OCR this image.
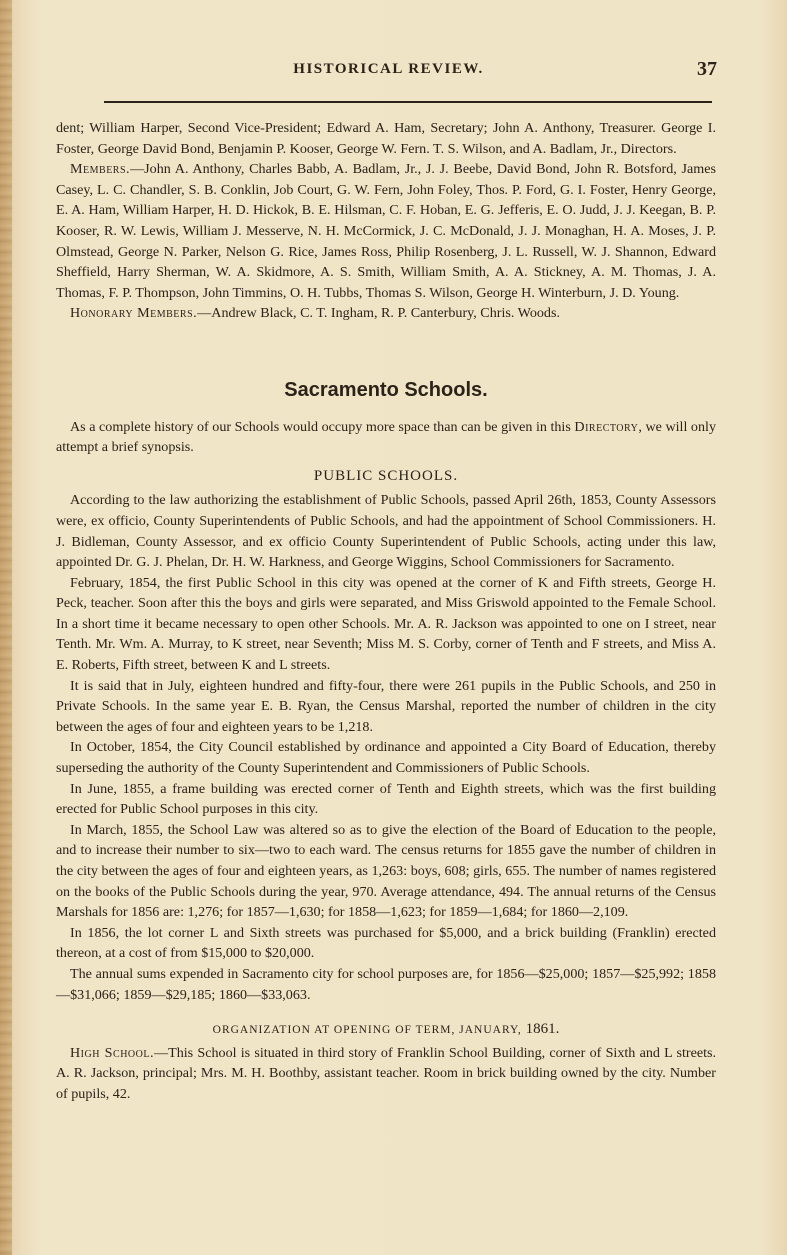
HISTORICAL REVIEW.	37

dent; William Harper, Second Vice-President; Edward A. Ham, Secretary; John A. Anthony, Treasurer. George I. Foster, George David Bond, Benjamin P. Kooser, George W. Fern. T. S. Wilson, and A. Badlam, Jr., Directors.

Members.—John A. Anthony, Charles Babb, A. Badlam, Jr., J. J. Beebe, David Bond, John R. Botsford, James Casey, L. C. Chandler, S. B. Conklin, Job Court, G. W. Fern, John Foley, Thos. P. Ford, G. I. Foster, Henry George, E. A. Ham, William Harper, H. D. Hickok, B. E. Hilsman, C. F. Hoban, E. G. Jefferis, E. O. Judd, J. J. Keegan, B. P. Kooser, R. W. Lewis, William J. Messerve, N. H. McCormick, J. C. McDonald, J. J. Monaghan, H. A. Moses, J. P. Olmstead, George N. Parker, Nelson G. Rice, James Ross, Philip Rosenberg, J. L. Russell, W. J. Shannon, Edward Sheffield, Harry Sherman, W. A. Skidmore, A. S. Smith, William Smith, A. A. Stickney, A. M. Thomas, J. A. Thomas, F. P. Thompson, John Timmins, O. H. Tubbs, Thomas S. Wilson, George H. Winterburn, J. D. Young.

Honorary Members.—Andrew Black, C. T. Ingham, R. P. Canterbury, Chris. Woods.

Sacramento Schools.

As a complete history of our Schools would occupy more space than can be given in this Directory, we will only attempt a brief synopsis.

PUBLIC SCHOOLS.

According to the law authorizing the establishment of Public Schools, passed April 26th, 1853, County Assessors were, ex officio, County Superintendents of Public Schools, and had the appointment of School Commissioners. H. J. Bidleman, County Assessor, and ex officio County Superintendent of Public Schools, acting under this law, appointed Dr. G. J. Phelan, Dr. H. W. Harkness, and George Wiggins, School Commissioners for Sacramento.

February, 1854, the first Public School in this city was opened at the corner of K and Fifth streets, George H. Peck, teacher. Soon after this the boys and girls were separated, and Miss Griswold appointed to the Female School. In a short time it became necessary to open other Schools. Mr. A. R. Jackson was appointed to one on I street, near Tenth. Mr. Wm. A. Murray, to K street, near Seventh; Miss M. S. Corby, corner of Tenth and F streets, and Miss A. E. Roberts, Fifth street, between K and L streets.

It is said that in July, eighteen hundred and fifty-four, there were 261 pupils in the Public Schools, and 250 in Private Schools. In the same year E. B. Ryan, the Census Marshal, reported the number of children in the city between the ages of four and eighteen years to be 1,218.

In October, 1854, the City Council established by ordinance and appointed a City Board of Education, thereby superseding the authority of the County Superintendent and Commissioners of Public Schools.

In June, 1855, a frame building was erected corner of Tenth and Eighth streets, which was the first building erected for Public School purposes in this city.

In March, 1855, the School Law was altered so as to give the election of the Board of Education to the people, and to increase their number to six—two to each ward. The census returns for 1855 gave the number of children in the city between the ages of four and eighteen years, as 1,263: boys, 608; girls, 655. The number of names registered on the books of the Public Schools during the year, 970. Average attendance, 494. The annual returns of the Census Marshals for 1856 are: 1,276; for 1857—1,630; for 1858—1,623; for 1859—1,684; for 1860—2,109.

In 1856, the lot corner L and Sixth streets was purchased for $5,000, and a brick building (Franklin) erected thereon, at a cost of from $15,000 to $20,000.

The annual sums expended in Sacramento city for school purposes are, for 1856—$25,000; 1857—$25,992; 1858—$31,066; 1859—$29,185; 1860—$33,063.

ORGANIZATION AT OPENING OF TERM, JANUARY, 1861.

High School.—This School is situated in third story of Franklin School Building, corner of Sixth and L streets. A. R. Jackson, principal; Mrs. M. H. Boothby, assistant teacher. Room in brick building owned by the city. Number of pupils, 42.
